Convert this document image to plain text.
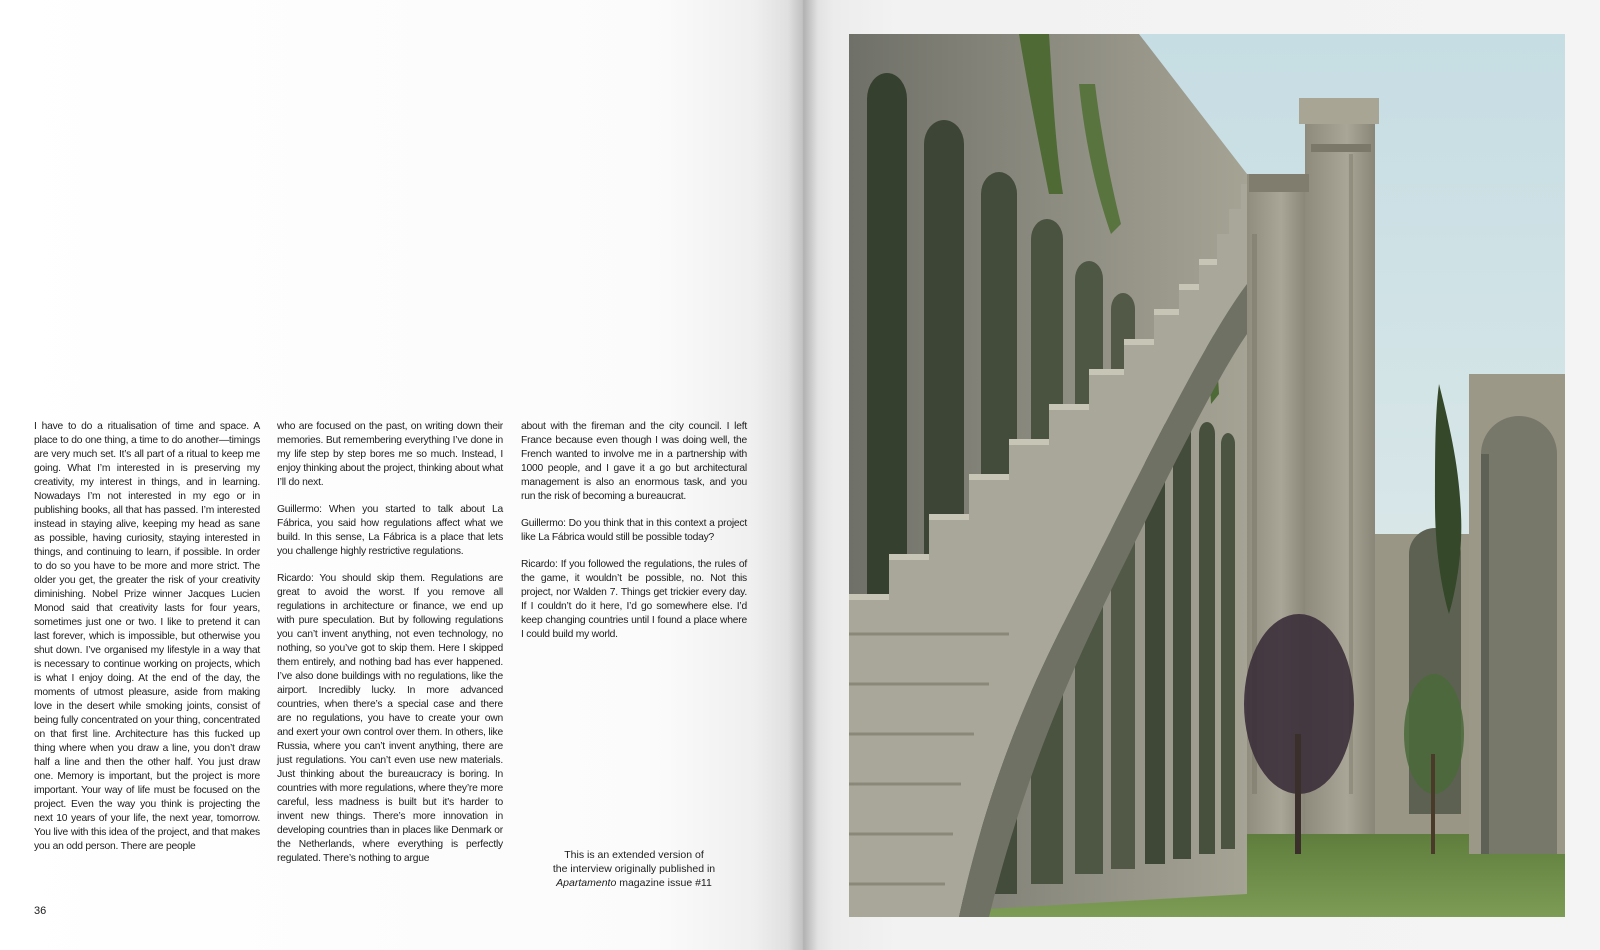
I have to do a ritualisation of time and space. A place to do one thing, a time to do another—timings are very much set. It’s all part of a ritual to keep me going. What I’m interested in is preserving my creativity, my interest in things, and in learning. Nowadays I’m not interested in my ego or in publishing books, all that has passed. I’m interested instead in staying alive, keeping my head as sane as possible, having curiosity, staying interested in things, and continuing to learn, if possible. In order to do so you have to be more and more strict. The older you get, the greater the risk of your creativity diminishing. Nobel Prize winner Jacques Lucien Monod said that creativity lasts for four years, sometimes just one or two. I like to pretend it can last forever, which is impossible, but otherwise you shut down. I’ve organised my lifestyle in a way that is necessary to continue working on projects, which is what I enjoy doing. At the end of the day, the moments of utmost pleasure, aside from making love in the desert while smoking joints, consist of being fully concentrated on your thing, concentrated on that first line. Architecture has this fucked up thing where when you draw a line, you don’t draw half a line and then the other half. You just draw one. Memory is important, but the project is more important. Your way of life must be focused on the project. Even the way you think is projecting the next 10 years of your life, the next year, tomorrow. You live with this idea of the project, and that makes you an odd person. There are people

who are focused on the past, on writing down their memories. But remembering everything I’ve done in my life step by step bores me so much. Instead, I enjoy thinking about the project, thinking about what I’ll do next.

Guillermo: When you started to talk about La Fábrica, you said how regulations affect what we build. In this sense, La Fábrica is a place that lets you challenge highly restrictive regulations.

Ricardo: You should skip them. Regulations are great to avoid the worst. If you remove all regulations in architecture or finance, we end up with pure speculation. But by following regulations you can’t invent anything, not even technology, no nothing, so you’ve got to skip them. Here I skipped them entirely, and nothing bad has ever happened. I’ve also done buildings with no regulations, like the airport. Incredibly lucky. In more advanced countries, when there’s a special case and there are no regulations, you have to create your own and exert your own control over them. In others, like Russia, where you can’t invent anything, there are just regulations. You can’t even use new materials. Just thinking about the bureaucracy is boring. In countries with more regulations, where they’re more careful, less madness is built but it’s harder to invent new things. There’s more innovation in developing countries than in places like Denmark or the Netherlands, where everything is perfectly regulated. There’s nothing to argue

about with the fireman and the city council. I left France because even though I was doing well, the French wanted to involve me in a partnership with 1000 people, and I gave it a go but architectural management is also an enormous task, and you run the risk of becoming a bureaucrat.

Guillermo: Do you think that in this context a project like La Fábrica would still be possible today?

Ricardo: If you followed the regulations, the rules of the game, it wouldn’t be possible, no. Not this project, nor Walden 7. Things get trickier every day. If I couldn’t do it here, I’d go somewhere else. I’d keep changing countries until I found a place where I could build my world.

This is an extended version of
the interview originally published in
Apartamento magazine issue #11
36
